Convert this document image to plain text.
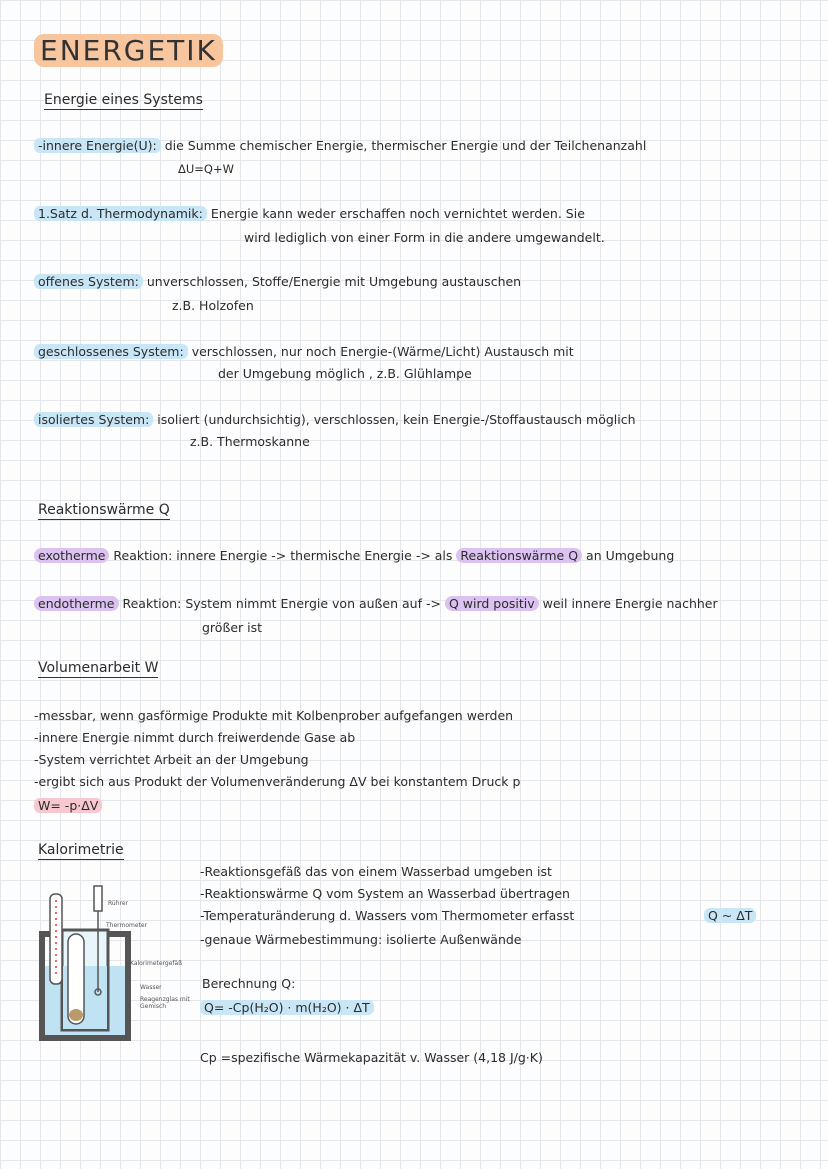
ENERGETIK
Energie eines Systems
-innere Energie(U): die Summe chemischer Energie, thermischer Energie und der Teilchenanzahl
ΔU=Q+W
1.Satz d. Thermodynamik: Energie kann weder erschaffen noch vernichtet werden. Sie
wird lediglich von einer Form in die andere umgewandelt.
offenes System: unverschlossen, Stoffe/Energie mit Umgebung austauschen
z.B. Holzofen
geschlossenes System: verschlossen, nur noch Energie-(Wärme/Licht) Austausch mit
der Umgebung möglich , z.B. Glühlampe
isoliertes System: isoliert (undurchsichtig), verschlossen, kein Energie-/Stoffaustausch möglich
z.B. Thermoskanne
Reaktionswärme Q
exotherme Reaktion: innere Energie -> thermische Energie -> als Reaktionswärme Q an Umgebung
endotherme Reaktion: System nimmt Energie von außen auf -> Q wird positiv weil innere Energie nachher
größer ist
Volumenarbeit W
-messbar, wenn gasförmige Produkte mit Kolbenprober aufgefangen werden
-innere Energie nimmt durch freiwerdende Gase ab
-System verrichtet Arbeit an der Umgebung
-ergibt sich aus Produkt der Volumenveränderung ΔV bei konstantem Druck p
W= -p·ΔV
Kalorimetrie
Rührer
Thermometer
Kalorimetergefäß
Wasser
Reagenzglas mit Gemisch
-Reaktionsgefäß das von einem Wasserbad umgeben ist
-Reaktionswärme Q vom System an Wasserbad übertragen
-Temperaturänderung d. Wassers vom Thermometer erfasst	Q ~ ΔT
-genaue Wärmebestimmung: isolierte Außenwände
Berechnung Q:
Q= -Cp(H₂O) · m(H₂O) · ΔT
Cp =spezifische Wärmekapazität v. Wasser (4,18 J/g·K)
